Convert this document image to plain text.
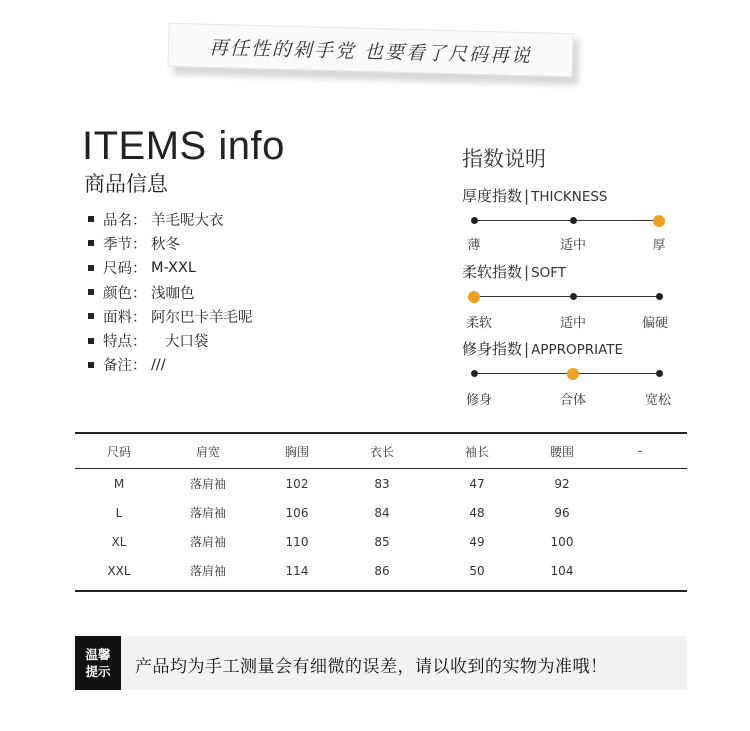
再任性的剁手党 也要看了尺码再说
ITEMS info
商品信息
品名： 羊毛呢大衣
季节： 秋冬
尺码： M-XXL
颜色： 浅咖色
面料： 阿尔巴卡羊毛呢
特点： 大口袋
备注： ///
指数说明
厚度指数 | THICKNESS
薄	适中	厚
柔软指数 | SOFT
柔软	适中	偏硬
修身指数 | APPROPRIATE
修身	合体	宽松
尺码	肩宽	胸围	衣长	袖长	腰围	-
M	落肩袖	102	83	47	92	
L	落肩袖	106	84	48	96	
XL	落肩袖	110	85	49	100	
XXL	落肩袖	114	86	50	104	
温馨
提示 产品均为手工测量会有细微的误差，请以收到的实物为准哦！
